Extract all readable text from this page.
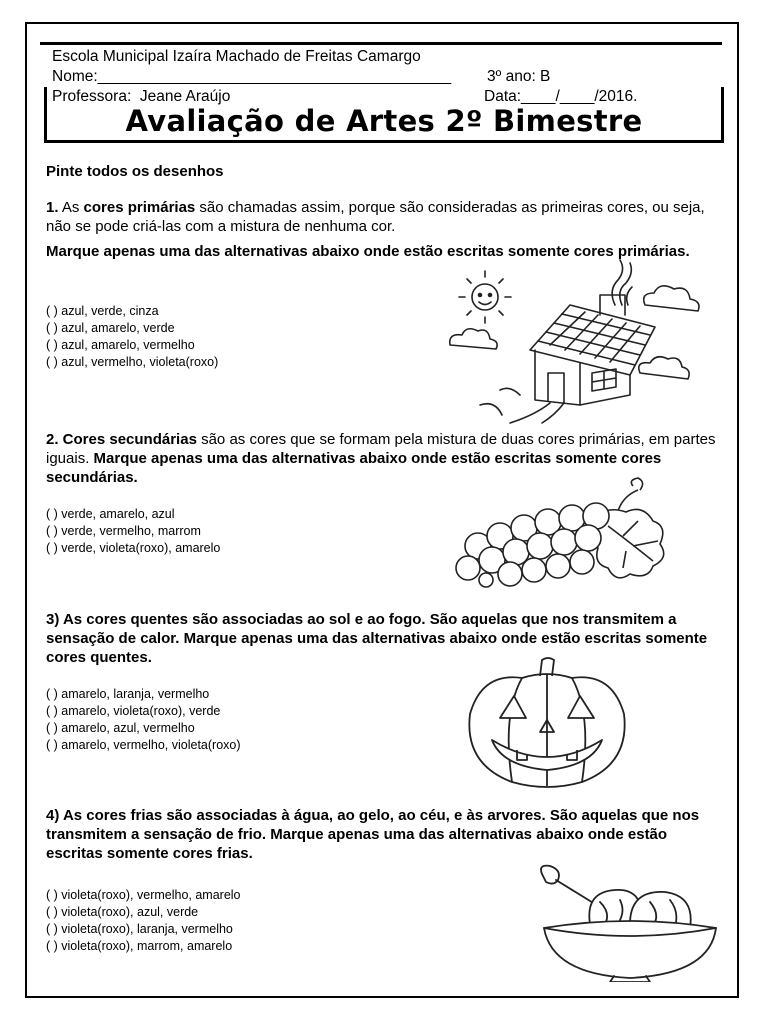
Escola Municipal Izaíra Machado de Freitas Camargo
Nome:_________________________________________ 3º ano: B
Professora:  Jeane Araújo	Data:____/____/2016.
Avaliação de Artes 2º Bimestre
Pinte todos os desenhos
1. As cores primárias são chamadas assim, porque são consideradas as primeiras cores, ou seja, não se pode criá-las com a mistura de nenhuma cor.
Marque apenas uma das alternativas abaixo onde estão escritas somente cores primárias.
( ) azul, verde, cinza
( ) azul, amarelo, verde
( ) azul, amarelo, vermelho
( ) azul, vermelho, violeta(roxo)
2. Cores secundárias são as cores que se formam pela mistura de duas cores primárias, em partes iguais. Marque apenas uma das alternativas abaixo onde estão escritas somente cores secundárias.
( ) verde, amarelo, azul
( ) verde, vermelho, marrom
( ) verde, violeta(roxo), amarelo
3) As cores quentes são associadas ao sol e ao fogo. São aquelas que nos transmitem a sensação de calor. Marque apenas uma das alternativas abaixo onde estão escritas somente cores quentes.
( ) amarelo, laranja, vermelho
( ) amarelo, violeta(roxo), verde
( ) amarelo, azul, vermelho
( ) amarelo, vermelho, violeta(roxo)
4) As cores frias são associadas à água, ao gelo, ao céu, e às arvores. São aquelas que nos transmitem a sensação de frio. Marque apenas uma das alternativas abaixo onde estão escritas somente cores frias.
( ) violeta(roxo), vermelho, amarelo
( ) violeta(roxo), azul, verde
( ) violeta(roxo), laranja, vermelho
( ) violeta(roxo), marrom, amarelo
